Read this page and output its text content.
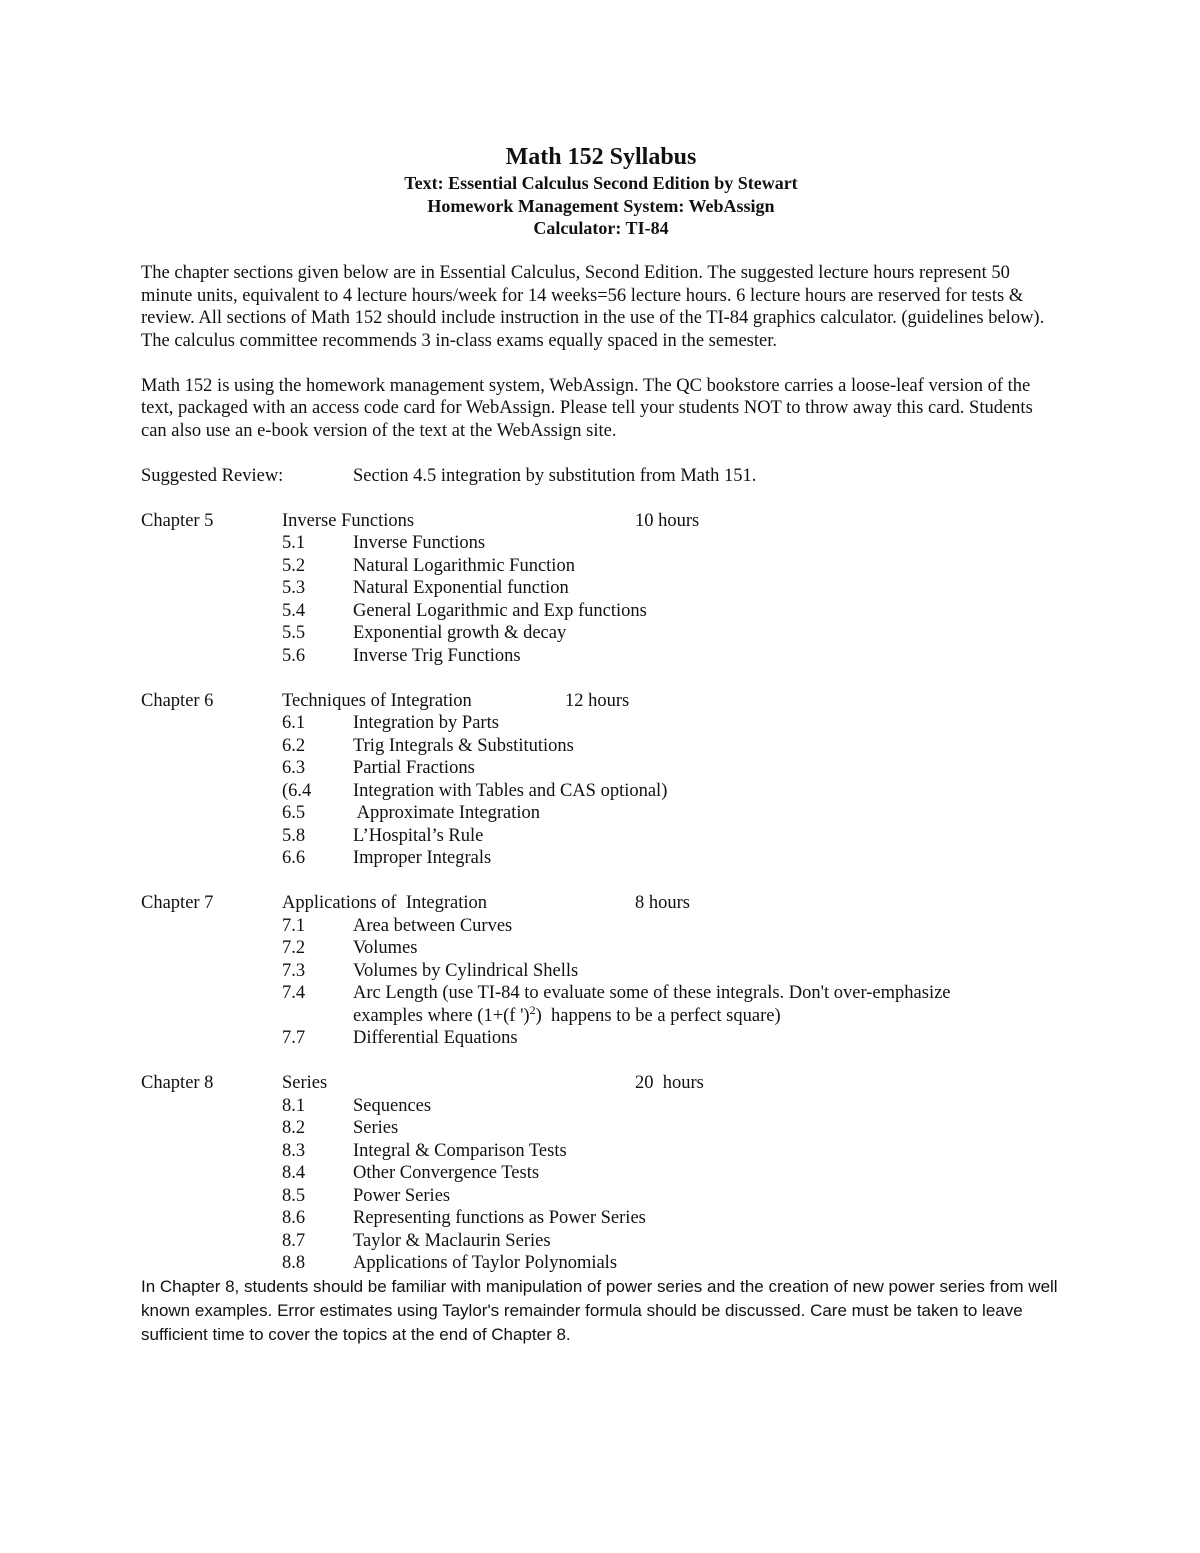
Math 152 Syllabus

Text: Essential Calculus Second Edition by Stewart

Homework Management System: WebAssign

Calculator: TI-84

The chapter sections given below are in Essential Calculus, Second Edition. The suggested lecture hours represent 50 minute units, equivalent to 4 lecture hours/week for 14 weeks=56 lecture hours. 6 lecture hours are reserved for tests & review. All sections of Math 152 should include instruction in the use of the TI-84 graphics calculator. (guidelines below). The calculus committee recommends 3 in-class exams equally spaced in the semester.

Math 152 is using the homework management system, WebAssign. The QC bookstore carries a loose-leaf version of the text, packaged with an access code card for WebAssign. Please tell your students NOT to throw away this card. Students can also use an e-book version of the text at the WebAssign site.

Suggested Review:	Section 4.5 integration by substitution from Math 151.
Chapter 5	Inverse Functions	10 hours
5.1	Inverse Functions
5.2	Natural Logarithmic Function
5.3	Natural Exponential function
5.4	General Logarithmic and Exp functions
5.5	Exponential growth & decay
5.6	Inverse Trig Functions
Chapter 6	Techniques of Integration	12 hours
6.1	Integration by Parts
6.2	Trig Integrals & Substitutions
6.3	Partial Fractions
(6.4 Integration with Tables and CAS optional)
6.5	Approximate Integration
5.8	L’Hospital’s Rule
6.6	Improper Integrals
Chapter 7	Applications of  Integration	8 hours
7.1	Area between Curves
7.2	Volumes
7.3	Volumes by Cylindrical Shells
7.4	Arc Length (use TI-84 to evaluate some of these integrals. Don't over-emphasize
examples where (1+(f ')$^2$)  happens to be a perfect square)
7.7	Differential Equations
Chapter 8	Series	20  hours
8.1	Sequences
8.2	Series
8.3	Integral & Comparison Tests
8.4	Other Convergence Tests
8.5	Power Series
8.6	Representing functions as Power Series
8.7	Taylor & Maclaurin Series
8.8	Applications of Taylor Polynomials

In Chapter 8, students should be familiar with manipulation of power series and the creation of new power series from well known examples. Error estimates using Taylor's remainder formula should be discussed. Care must be taken to leave sufficient time to cover the topics at the end of Chapter 8.
